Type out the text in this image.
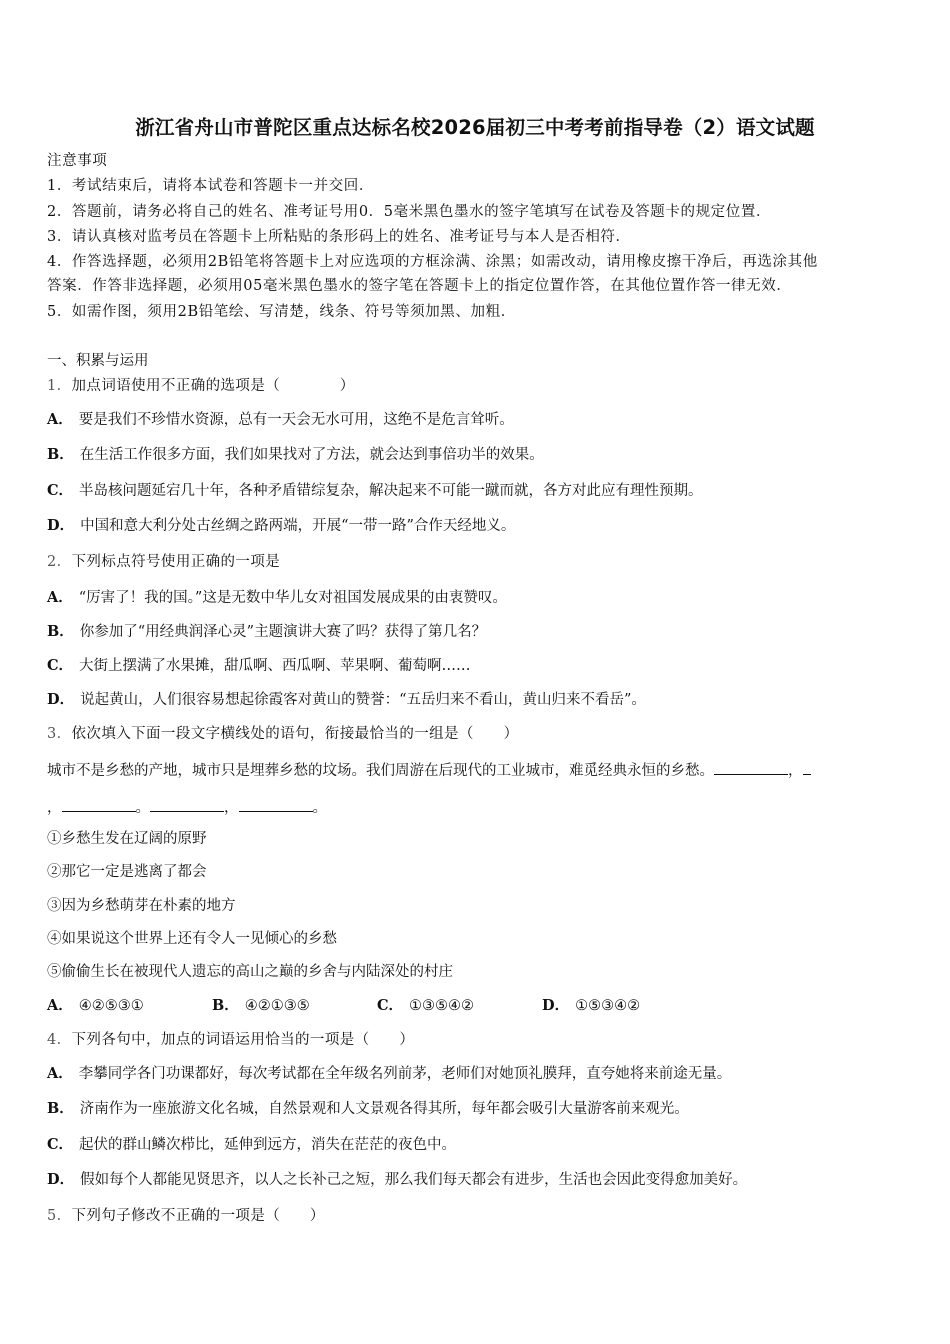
浙江省舟山市普陀区重点达标名校2026届初三中考考前指导卷（2）语文试题
注意事项
1．考试结束后，请将本试卷和答题卡一并交回．
2．答题前，请务必将自己的姓名、准考证号用0．5毫米黑色墨水的签字笔填写在试卷及答题卡的规定位置．
3．请认真核对监考员在答题卡上所粘贴的条形码上的姓名、准考证号与本人是否相符．
4．作答选择题，必须用2B铅笔将答题卡上对应选项的方框涂满、涂黑；如需改动，请用橡皮擦干净后，再选涂其他
答案．作答非选择题，必须用05毫米黑色墨水的签字笔在答题卡上的指定位置作答，在其他位置作答一律无效．
5．如需作图，须用2B铅笔绘、写清楚，线条、符号等须加黑、加粗．
一、积累与运用
1．加点词语使用不正确的选项是（　　　　）
A． 要是我们不珍惜水资源，总有一天会无水可用，这绝不是危言耸听。
B． 在生活工作很多方面，我们如果找对了方法，就会达到事倍功半的效果。
C． 半岛核问题延宕几十年，各种矛盾错综复杂，解决起来不可能一蹴而就，各方对此应有理性预期。
D． 中国和意大利分处古丝绸之路两端，开展“一带一路”合作天经地义。
2．下列标点符号使用正确的一项是
A． “厉害了！我的国。”这是无数中华儿女对祖国发展成果的由衷赞叹。
B． 你参加了“用经典润泽心灵”主题演讲大赛了吗？获得了第几名？
C． 大街上摆满了水果摊，甜瓜啊、西瓜啊、苹果啊、葡萄啊……
D． 说起黄山，人们很容易想起徐霞客对黄山的赞誉：“五岳归来不看山，黄山归来不看岳”。
3．依次填入下面一段文字横线处的语句，衔接最恰当的一组是（　　）
城市不是乡愁的产地，城市只是埋葬乡愁的坟场。我们周游在后现代的工业城市，难觅经典永恒的乡愁。	，
，	。	，	。
①乡愁生发在辽阔的原野
②那它一定是逃离了都会
③因为乡愁萌芽在朴素的地方
④如果说这个世界上还有令人一见倾心的乡愁
⑤偷偷生长在被现代人遗忘的高山之巅的乡舍与内陆深处的村庄
A． ④②⑤③①	B． ④②①③⑤	C． ①③⑤④②	D． ①⑤③④②
4．下列各句中，加点的词语运用恰当的一项是（　　）
A． 李攀同学各门功课都好，每次考试都在全年级名列前茅，老师们对她顶礼膜拜，直夸她将来前途无量。
B． 济南作为一座旅游文化名城，自然景观和人文景观各得其所，每年都会吸引大量游客前来观光。
C． 起伏的群山鳞次栉比，延伸到远方，消失在茫茫的夜色中。
D． 假如每个人都能见贤思齐，以人之长补己之短，那么我们每天都会有进步，生活也会因此变得愈加美好。
5．下列句子修改不正确的一项是（　　）
